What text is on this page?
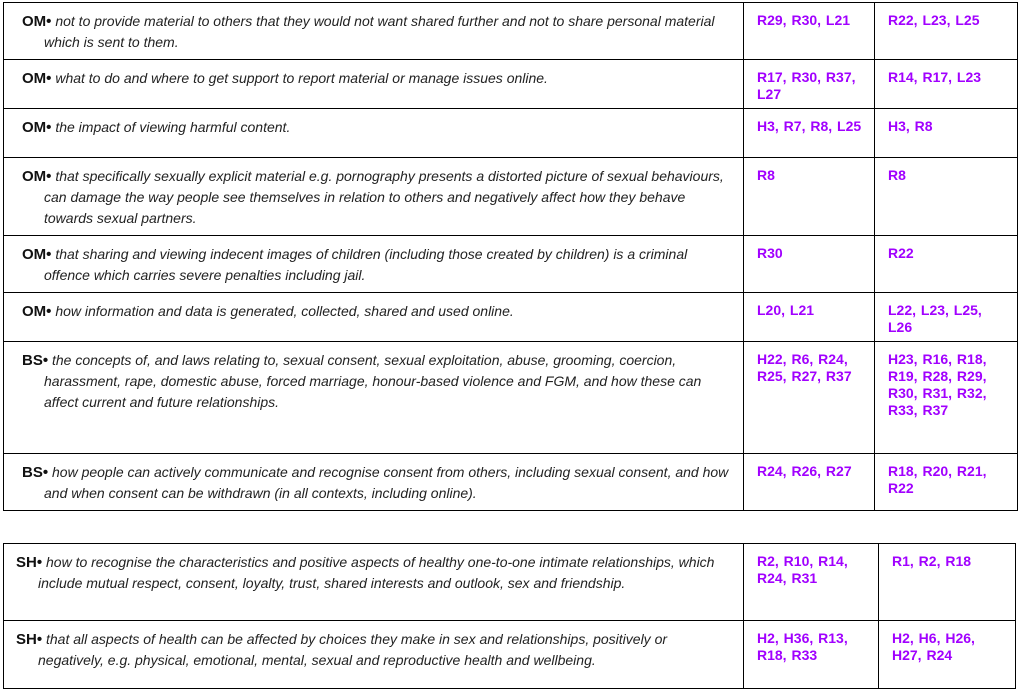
OM• not to provide material to others that they would not want shared further and not to share personal material which is sent to them.	R29, R30, L21	R22, L23, L25

OM• what to do and where to get support to report material or manage issues online.	R17, R30, R37, L27	R14, R17, L23

OM• the impact of viewing harmful content.	H3, R7, R8, L25	H3, R8

OM• that specifically sexually explicit material e.g. pornography presents a distorted picture of sexual behaviours, can damage the way people see themselves in relation to others and negatively affect how they behave towards sexual partners.	R8	R8

OM• that sharing and viewing indecent images of children (including those created by children) is a criminal offence which carries severe penalties including jail.	R30	R22

OM• how information and data is generated, collected, shared and used online.	L20, L21	L22, L23, L25, L26

BS• the concepts of, and laws relating to, sexual consent, sexual exploitation, abuse, grooming, coercion, harassment, rape, domestic abuse, forced marriage, honour-based violence and FGM, and how these can affect current and future relationships.	H22, R6, R24, R25, R27, R37	H23, R16, R18, R19, R28, R29, R30, R31, R32, R33, R37

BS• how people can actively communicate and recognise consent from others, including sexual consent, and how and when consent can be withdrawn (in all contexts, including online).	R24, R26, R27	R18, R20, R21, R22
SH• how to recognise the characteristics and positive aspects of healthy one-to-one intimate relationships, which include mutual respect, consent, loyalty, trust, shared interests and outlook, sex and friendship.	R2, R10, R14, R24, R31	R1, R2, R18

SH• that all aspects of health can be affected by choices they make in sex and relationships, positively or negatively, e.g. physical, emotional, mental, sexual and reproductive health and wellbeing.	H2, H36, R13, R18, R33	H2, H6, H26, H27, R24
